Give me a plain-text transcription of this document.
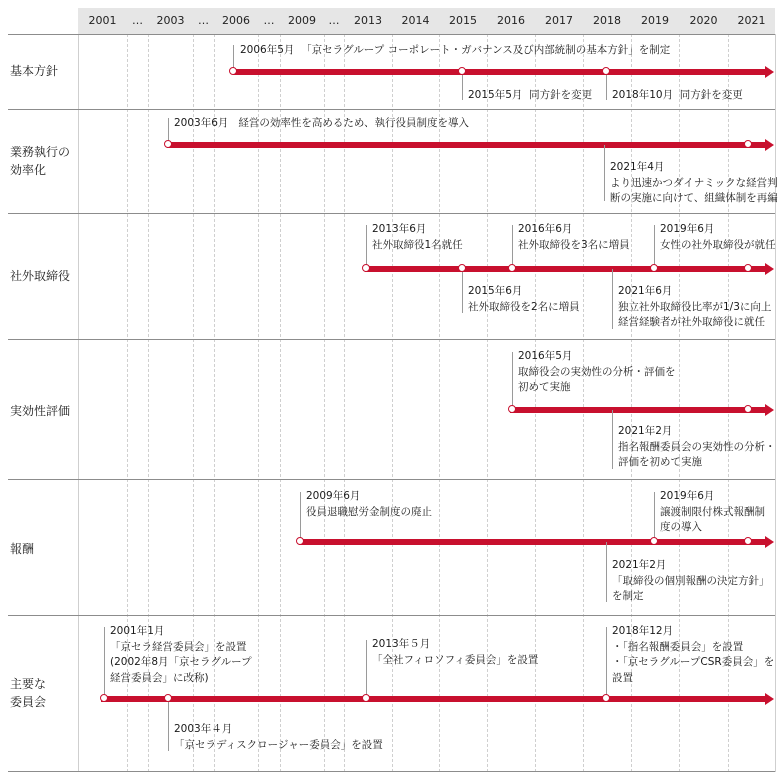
2001	…	2003	…	2006	…	2009	…	2013	2014	2015	2016	2017	2018	2019	2020	2021
基本方針
2006年5月 「京セラグループ コーポレート・ガバナンス及び内部統制の基本方針」を制定
2015年5月 同方針を変更 2018年10月 同方針を変更
業務執行の
効率化
2003年6月 経営の効率性を高めるため、執行役員制度を導入
2021年4月
より迅速かつダイナミックな経営判
断の実施に向けて、組織体制を再編
社外取締役
2013年6月
社外取締役1名就任
2016年6月
社外取締役を3名に増員
2019年6月
女性の社外取締役が就任
2015年6月
社外取締役を2名に増員
2021年6月
独立社外取締役比率が1/3に向上
経営経験者が社外取締役に就任
実効性評価
2016年5月
取締役会の実効性の分析・評価を
初めて実施
2021年2月
指名報酬委員会の実効性の分析・
評価を初めて実施
報酬
2009年6月
役員退職慰労金制度の廃止
2019年6月
譲渡制限付株式報酬制
度の導入
2021年2月
「取締役の個別報酬の決定方針」
を制定
主要な
委員会
2001年1月
「京セラ経営委員会」を設置
(2002年8月「京セラグループ
経営委員会」に改称)
2013年５月
「全社フィロソフィ委員会」を設置
2018年12月
・「指名報酬委員会」を設置
・「京セラグループCSR委員会」を
設置
2003年４月
「京セラディスクロージャー委員会」を設置
